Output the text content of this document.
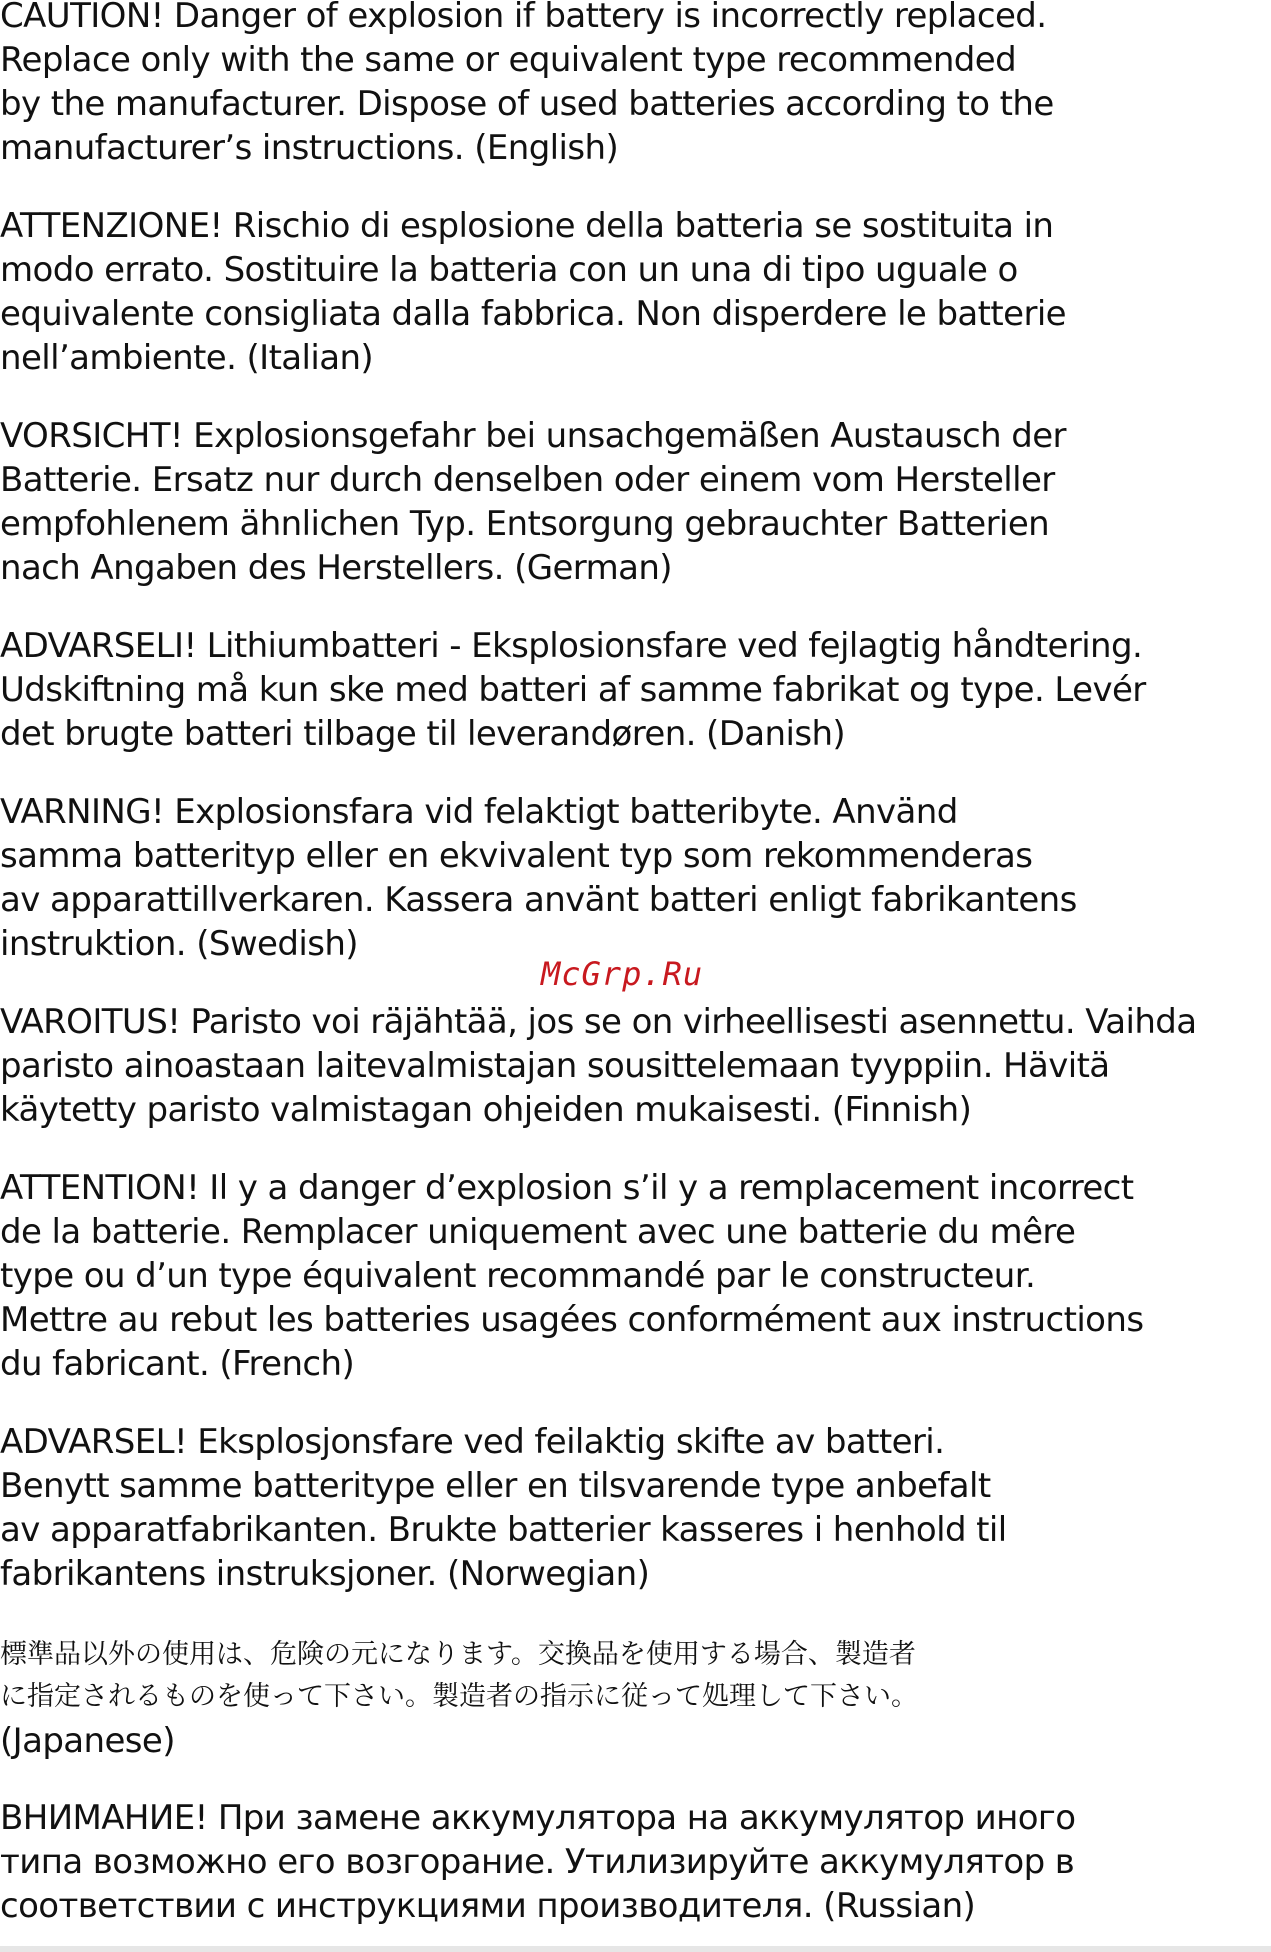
CAUTION! Danger of explosion if battery is incorrectly replaced.
Replace only with the same or equivalent type recommended
by the manufacturer. Dispose of used batteries according to the
manufacturer’s instructions. (English)
ATTENZIONE! Rischio di esplosione della batteria se sostituita in
modo errato. Sostituire la batteria con un una di tipo uguale o
equivalente consigliata dalla fabbrica. Non disperdere le batterie
nell’ambiente. (Italian)
VORSICHT! Explosionsgefahr bei unsachgemäßen Austausch der
Batterie. Ersatz nur durch denselben oder einem vom Hersteller
empfohlenem ähnlichen Typ. Entsorgung gebrauchter Batterien
nach Angaben des Herstellers. (German)
ADVARSELI! Lithiumbatteri - Eksplosionsfare ved fejlagtig håndtering.
Udskiftning må kun ske med batteri af samme fabrikat og type. Levér
det brugte batteri tilbage til leverandøren. (Danish)
VARNING! Explosionsfara vid felaktigt batteribyte. Använd
samma batterityp eller en ekvivalent typ som rekommenderas
av apparattillverkaren. Kassera använt batteri enligt fabrikantens
instruktion. (Swedish)
VAROITUS! Paristo voi räjähtää, jos se on virheellisesti asennettu. Vaihda
paristo ainoastaan laitevalmistajan sousittelemaan tyyppiin. Hävitä
käytetty paristo valmistagan ohjeiden mukaisesti. (Finnish)
ATTENTION! Il y a danger d’explosion s’il y a remplacement incorrect
de la batterie. Remplacer uniquement avec une batterie du mêre
type ou d’un type équivalent recommandé par le constructeur.
Mettre au rebut les batteries usagées conformément aux instructions
du fabricant. (French)
ADVARSEL! Eksplosjonsfare ved feilaktig skifte av batteri.
Benytt samme batteritype eller en tilsvarende type anbefalt
av apparatfabrikanten. Brukte batterier kasseres i henhold til
fabrikantens instruksjoner. (Norwegian)
標準品以外の使用は、危険の元になります。交換品を使用する場合、製造者
に指定されるものを使って下さい。製造者の指示に従って処理して下さい。
(Japanese)
ВНИМАНИЕ! При замене аккумулятора на аккумулятор иного
типа возможно его возгорание. Утилизируйте аккумулятор в
соответствии с инструкциями производителя. (Russian)
McGrp.Ru
